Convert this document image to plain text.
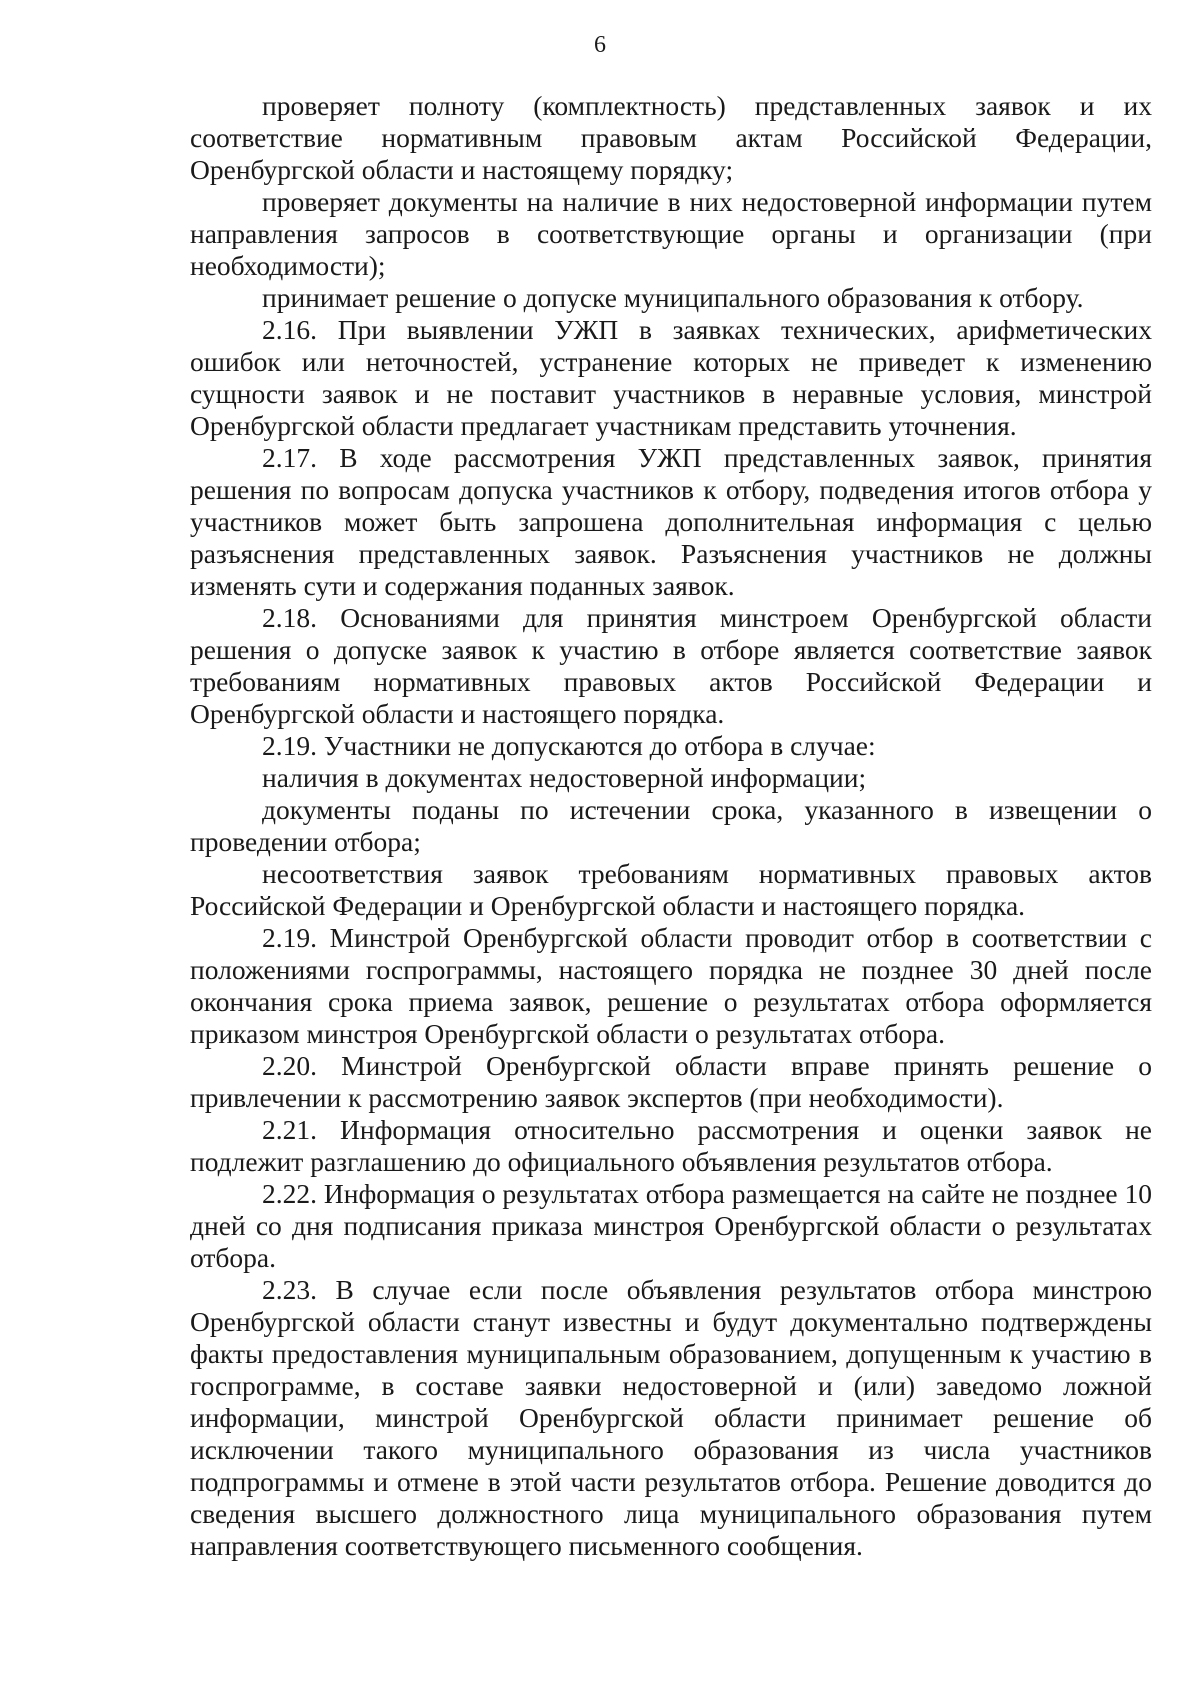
6

проверяет полноту (комплектность) представленных заявок и их соответствие нормативным правовым актам Российской Федерации, Оренбургской области и настоящему порядку;

проверяет документы на наличие в них недостоверной информации путем направления запросов в соответствующие органы и организации (при необходимости);

принимает решение о допуске муниципального образования к отбору.

2.16. При выявлении УЖП в заявках технических, арифметических ошибок или неточностей, устранение которых не приведет к изменению сущности заявок и не поставит участников в неравные условия, минстрой Оренбургской области предлагает участникам представить уточнения.

2.17. В ходе рассмотрения УЖП представленных заявок, принятия решения по вопросам допуска участников к отбору, подведения итогов отбора у участников может быть запрошена дополнительная информация с целью разъяснения представленных заявок. Разъяснения участников не должны изменять сути и содержания поданных заявок.

2.18. Основаниями для принятия минстроем Оренбургской области решения о допуске заявок к участию в отборе является соответствие заявок требованиям нормативных правовых актов Российской Федерации и Оренбургской области и настоящего порядка.

2.19. Участники не допускаются до отбора в случае:

наличия в документах недостоверной информации;

документы поданы по истечении срока, указанного в извещении о проведении отбора;

несоответствия заявок требованиям нормативных правовых актов Российской Федерации и Оренбургской области и настоящего порядка.

2.19. Минстрой Оренбургской области проводит отбор в соответствии с положениями госпрограммы, настоящего порядка не позднее 30 дней после окончания срока приема заявок, решение о результатах отбора оформляется приказом минстроя Оренбургской области о результатах отбора.

2.20. Минстрой Оренбургской области вправе принять решение о привлечении к рассмотрению заявок экспертов (при необходимости).

2.21. Информация относительно рассмотрения и оценки заявок не подлежит разглашению до официального объявления результатов отбора.

2.22. Информация о результатах отбора размещается на сайте не позднее 10 дней со дня подписания приказа минстроя Оренбургской области о результатах отбора.

2.23. В случае если после объявления результатов отбора минстрою Оренбургской области станут известны и будут документально подтверждены факты предоставления муниципальным образованием, допущенным к участию в госпрограмме, в составе заявки недостоверной и (или) заведомо ложной информации, минстрой Оренбургской области принимает решение об исключении такого муниципального образования из числа участников подпрограммы и отмене в этой части результатов отбора. Решение доводится до сведения высшего должностного лица муниципального образования путем направления соответствующего письменного сообщения.
